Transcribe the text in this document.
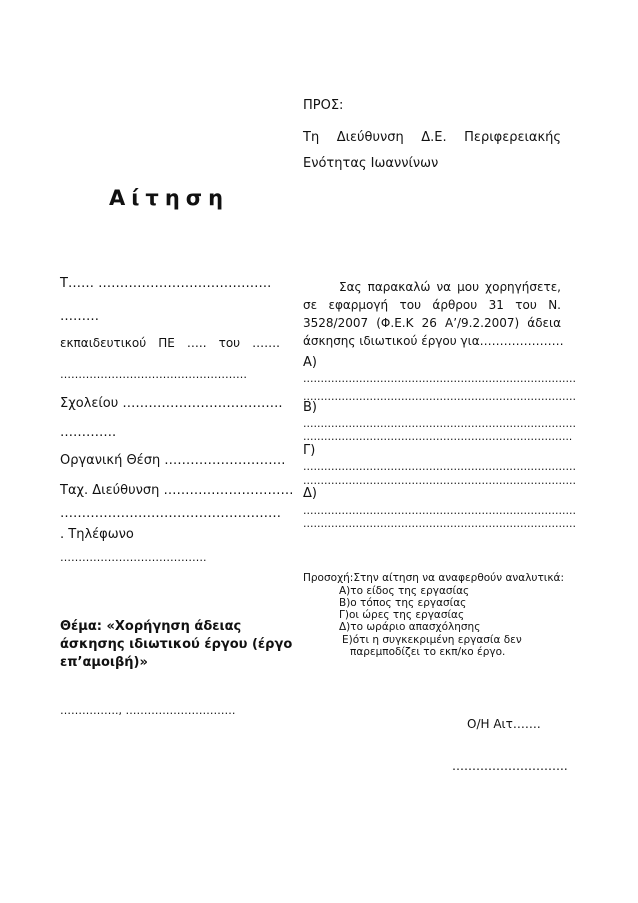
ΠΡΟΣ:
Τη Διεύθυνση Δ.Ε. Περιφερειακής
Ενότητας Ιωαννίνων
Αίτηση
Τ…… ………………………………….
………
εκπαιδευτικού ΠΕ ….. του …….
……………………………………………
Σχολείου ……………………………….
………….
Οργανική Θέση ……………………….
Ταχ. Διεύθυνση …………………………
……………………………………………
. Τηλέφωνο
………………………………….
Θέμα: «Χορήγηση άδειας
άσκησης ιδιωτικού έργου (έργο
επ’αμοιβή)»
……………., …………………………
Σας παρακαλώ να μου χορηγήσετε,
σε εφαρμογή του άρθρου 31 του Ν.
3528/2007 (Φ.Ε.Κ 26 Α’/9.2.2007) άδεια
άσκησης ιδιωτικού έργου για…………………
Α)
……………………………………………………………………
……………………………………………………………………
Β)
……………………………………………………………………
…………………………………………………………………..
Γ)
……………………………………………………………………
……………………………………………………………………
Δ)
……………………………………………………………………
……………………………………………………………………
Προσοχή:Στην αίτηση να αναφερθούν αναλυτικά:
Α)το είδος της εργασίας
Β)ο τόπος της εργασίας
Γ)οι ώρες της εργασίας
Δ)το ωράριο απασχόλησης
Ε)ότι η συγκεκριμένη εργασία δεν
παρεμποδίζει το εκπ/κο έργο.
Ο/Η Αιτ…….
………………………..
